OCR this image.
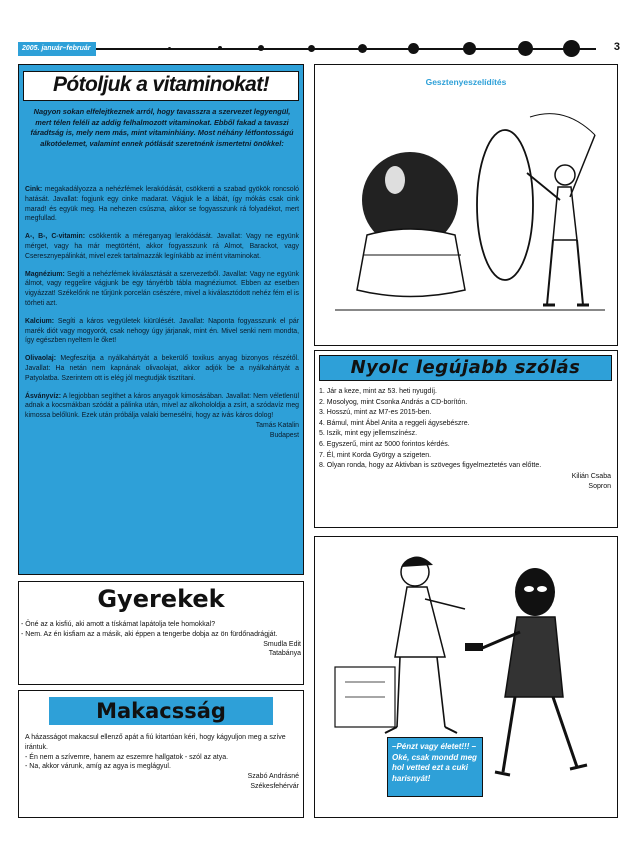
2005. január–február	3
Pótoljuk a vitaminokat!
Nagyon sokan elfelejtkeznek arról, hogy tavasszra a szervezet legyengül, mert télen feléli az addig felhalmozott vitaminokat. Ebből fakad a tavaszi fáradtság is, mely nem más, mint vitaminhiány. Most néhány létfontosságú alkotóelemet, valamint ennek pótlását szeretnénk ismertetni önökkel:

Cink: megakadályozza a nehézfémek lerakódását, csökkenti a szabad gyökök roncsoló hatását. Javallat: fogjunk egy cinke madarat. Vágjuk le a lábát, így mókás csak cink marad! és együk meg. Ha nehezen csúszna, akkor se fogyasszunk rá folyadékot, mert megfullad.

A-, B-, C-vitamin: csökkentik a méreganyag lerakódását. Javallat: Vagy ne együnk mérget, vagy ha már megtörtént, akkor fogyasszunk rá Almot, Barackot, vagy Cseresznyepálinkát, mivel ezek tartalmazzák legínkább az imént vitaminokat.

Magnézium: Segíti a nehézfémek kiválasztását a szervezetből. Javallat: Vagy ne együnk álmot, vagy reggelire vágjunk be egy tányérbb tábla magnéziumot. Ebben az esetben vigyázzat! Székelőnk ne tűrjünk porcelán csészére, mivel a kiválasztódott nehéz fém el is törheti azt.

Kalcium: Segíti a káros vegyületek kiürülését. Javallat: Naponta fogyasszunk el pár marék diót vagy mogyorót, csak nehogy úgy járjanak, mint én. Mivel senki nem mondta, így egészben nyeltem le őket!

Olivaolaj: Megfeszítja a nyálkahártyát a bekerülő toxikus anyag bizonyos részétől. Javallat: Ha netán nem kapnának olivaolajat, akkor adjók be a nyálkahártyát a Patyolatba. Szerintem ott is elég jól megtudják tisztítani.

Ásványvíz: A legjobban segíthet a káros anyagok kimosásában. Javallat: Nem véletlenül adnak a kocsmákban szódát a pálinka után, mivel az alkohololdja a zsírt, a szódavíz meg kimossa belőlünk. Ezek után próbálja valaki bemesélni, hogy az ivás káros dolog!

Tamás Katalin
Budapest
Gesztenyeszelídítés
Nyolc legújabb szólás
1. Jár a keze, mint az 53. heti nyugdíj.
2. Mosolyog, mint Csonka András a CD-borítón.
3. Hosszú, mint az M7-es 2015-ben.
4. Bámul, mint Ábel Anita a reggeli ágysebészre.
5. Iszik, mint egy jellemszínész.
6. Egyszerű, mint az 5000 forintos kérdés.
7. Él, mint Korda György a szigeten.
8. Olyan ronda, hogy az Aktivban is szöveges figyelmeztetés van előtte.
Kilián Csaba
Sopron
–Pénzt vagy életet!!! –Oké, csak mondd meg hol vetted ezt a cuki harisnyát!
Gyerekek
- Öné az a kisfiú, aki amott a tískámat lapátolja tele homokkal?
- Nem. Az én kisfiam az a másik, aki éppen a tengerbe dobja az ön fürdőnadrágját.
Smudla Edit
Tatabánya
Makacsság
A házasságot makacsul ellenző apát a fiú kitartóan kéri, hogy kágyuljon meg a szíve irántuk.
- Én nem a szívemre, hanem az eszemre hallgatok - szól az atya.
- Na, akkor várunk, amíg az agya is meglágyul.
Szabó Andrásné
Székesfehérvár
